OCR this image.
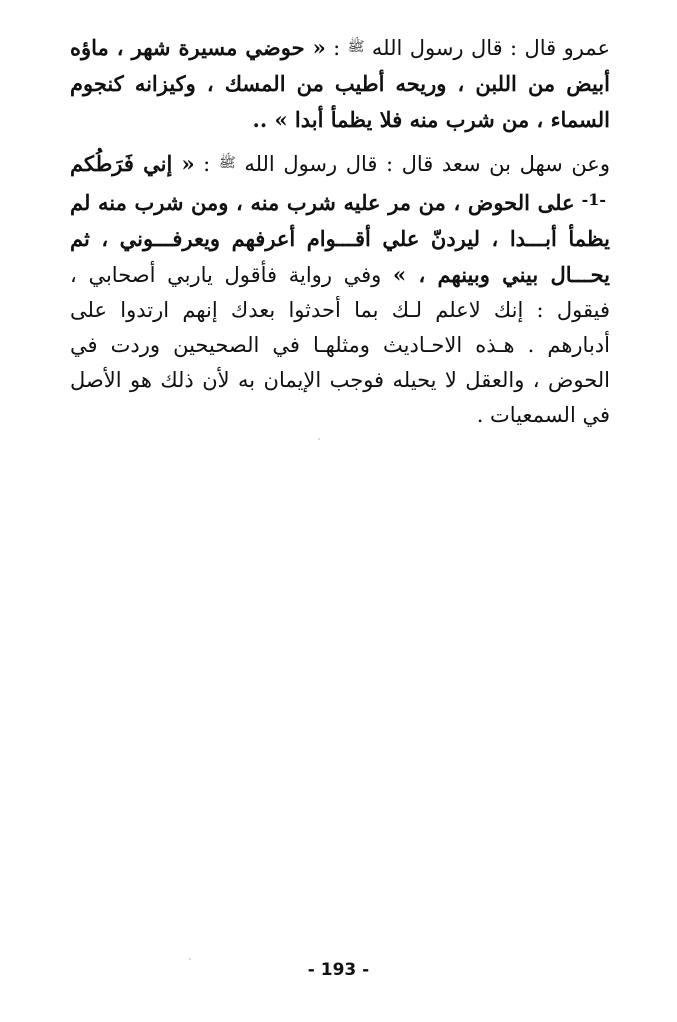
عمرو قال : قال رسول الله ﷺ : « حوضي مسيرة شهر ، ماؤه أبيض من اللبن ، وريحه أطيب من المسك ، وكيزانه كنجوم السماء ، من شرب منه فلا يظمأ أبدا » ..
وعن سهل بن سعد قال : قال رسول الله ﷺ : « إني فَرَطُكم $^{-1-}$ على الحوض ، من مر عليه شرب منه ، ومن شرب منه لم يظمأ أبـــدا ، ليردنّ علي أقـــوام أعرفهم ويعرفـــوني ، ثم يحـــال بيني وبينهم ، » وفي رواية فأقول ياربي أصحابي ، فيقول : إنك لاعلم لـك بما أحدثوا بعدك إنهم ارتدوا على أدبارهم . هـذه الاحـاديث ومثلهـا في الصحيحين وردت في الحوض ، والعقل لا يحيله فوجب الإيمان به لأن ذلك هو الأصل في السمعيات .
- 193 -
